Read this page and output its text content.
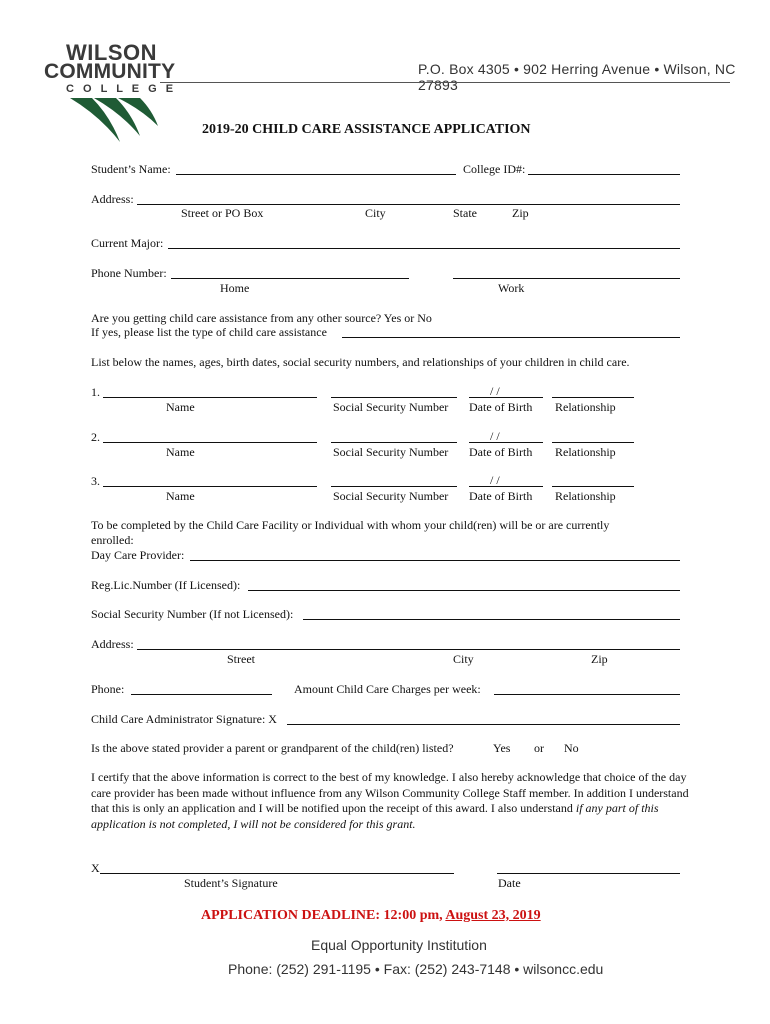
WILSON
COMMUNITY
C O L L E G E
P.O. Box 4305 • 902 Herring Avenue • Wilson, NC 27893
2019-20 CHILD CARE ASSISTANCE APPLICATION
Student’s Name:	College ID#:
Address:
Street or PO Box	City	State	Zip
Current Major:
Phone Number:
Home	Work
Are you getting child care assistance from any other source? Yes or No
If yes, please list the type of child care assistance
List below the names, ages, birth dates, social security numbers, and relationships of your children in child care.
1.	/ /
Name	Social Security Number Date of Birth Relationship
2.	/ /
Name	Social Security Number Date of Birth Relationship
3.	/ /
Name	Social Security Number Date of Birth Relationship
To be completed by the Child Care Facility or Individual with whom your child(ren) will be or are currently
enrolled:
Day Care Provider:
Reg.Lic.Number (If Licensed):
Social Security Number (If not Licensed):
Address:
Street	City	Zip
Phone:	Amount Child Care Charges per week:
Child Care Administrator Signature: X
Is the above stated provider a parent or grandparent of the child(ren) listed?	Yes or No
I certify that the above information is correct to the best of my knowledge. I also hereby acknowledge that choice of the day care provider has been made without influence from any Wilson Community College Staff member. In addition I understand that this is only an application and I will be notified upon the receipt of this award. I also understand if any part of this application is not completed, I will not be considered for this grant.
X
Student’s Signature	Date
APPLICATION DEADLINE: 12:00 pm, August 23, 2019
Equal Opportunity Institution
Phone: (252) 291-1195 • Fax: (252) 243-7148 • wilsoncc.edu
